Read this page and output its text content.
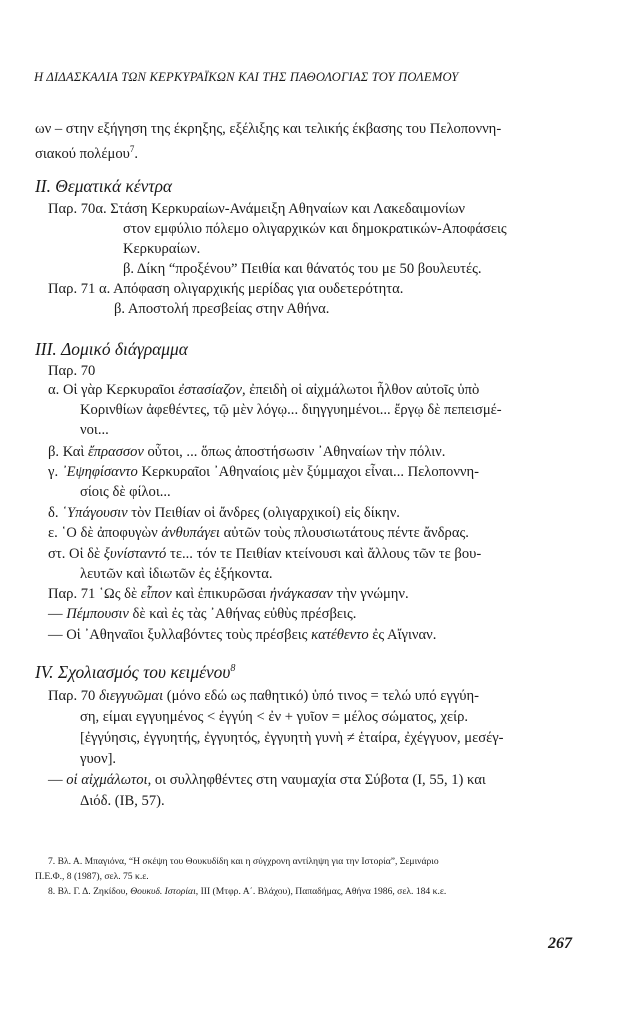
Η ΔΙΔΑΣΚΑΛΙΑ ΤΩΝ ΚΕΡΚΥΡΑΪΚΩΝ ΚΑΙ ΤΗΣ ΠΑΘΟΛΟΓΙΑΣ ΤΟΥ ΠΟΛΕΜΟΥ
ων – στην εξήγηση της έκρηξης, εξέλιξης και τελικής έκβασης του Πελοποννη-
σιακού πολέμου$^7$.
II. Θεματικά κέντρα
Παρ. 70α. Στάση Κερκυραίων-Ανάμειξη Αθηναίων και Λακεδαιμονίων
στον εμφύλιο πόλεμο ολιγαρχικών και δημοκρατικών-Αποφάσεις
Κερκυραίων.
β. Δίκη “προξένου” Πειθία και θάνατός του με 50 βουλευτές.
Παρ. 71 α. Απόφαση ολιγαρχικής μερίδας για ουδετερότητα.
β. Αποστολή πρεσβείας στην Αθήνα.
III. Δομικό διάγραμμα
Παρ. 70
α. Οἱ γὰρ Κερκυραῖοι ἐστασίαζον, ἐπειδὴ οἱ αἰχμάλωτοι ἦλθον αὐτοῖς ὑπὸ
Κορινθίων ἀφεθέντες, τῷ μὲν λόγῳ... διηγγυημένοι... ἔργῳ δὲ πεπεισμέ-
νοι...
β. Καὶ ἔπρασσον οὗτοι, ... ὅπως ἀποστήσωσιν ᾿Αθηναίων τὴν πόλιν.
γ. ᾿Εψηφίσαντο Κερκυραῖοι ᾿Αθηναίοις μὲν ξύμμαχοι εἶναι... Πελοποννη-
σίοις δὲ φίλοι...
δ. ῾Υπάγουσιν τὸν Πειθίαν οἱ ἄνδρες (ολιγαρχικοί) εἰς δίκην.
ε. ῾Ο δὲ ἀποφυγὼν ἀνθυπάγει αὐτῶν τοὺς πλουσιωτάτους πέντε ἄνδρας.
στ. Οἱ δὲ ξυνίσταντό τε... τόν τε Πειθίαν κτείνουσι καὶ ἄλλους τῶν τε βου-
λευτῶν καὶ ἰδιωτῶν ἐς ἑξήκοντα.
Παρ. 71 ῾Ως δὲ εἶπον καὶ ἐπικυρῶσαι ἠνάγκασαν τὴν γνώμην.
— Πέμπουσιν δὲ καὶ ἐς τὰς ᾿Αθήνας εὐθὺς πρέσβεις.
— Οἱ ᾿Αθηναῖοι ξυλλαβόντες τοὺς πρέσβεις κατέθεντο ἐς Αἴγιναν.
IV. Σχολιασμός του κειμένου$^8$
Παρ. 70 διεγγυῶμαι (μόνο εδώ ως παθητικό) ὑπό τινος = τελώ υπό εγγύη-
ση, είμαι εγγυημένος < ἐγγύη < ἐν + γυῖον = μέλος σώματος, χείρ.
[ἐγγύησις, ἐγγυητής, ἐγγυητός, ἐγγυητὴ γυνὴ ≠ ἑταίρα, ἐχέγγυον, μεσέγ-
γυον].
— οἱ αἰχμάλωτοι, οι συλληφθέντες στη ναυμαχία στα Σύβοτα (Ι, 55, 1) και
Διόδ. (ΙΒ, 57).
7. Βλ. Α. Μπαγιόνα, “Η σκέψη του Θουκυδίδη και η σύγχρονη αντίληψη για την Ιστορία”, Σεμινάριο
Π.Ε.Φ., 8 (1987), σελ. 75 κ.ε.
8. Βλ. Γ. Δ. Ζηκίδου, Θουκυδ. Ιστορίαι, ΙΙΙ (Μτφρ. Α΄. Βλάχου), Παπαδήμας, Αθήνα 1986, σελ. 184 κ.ε.
267
